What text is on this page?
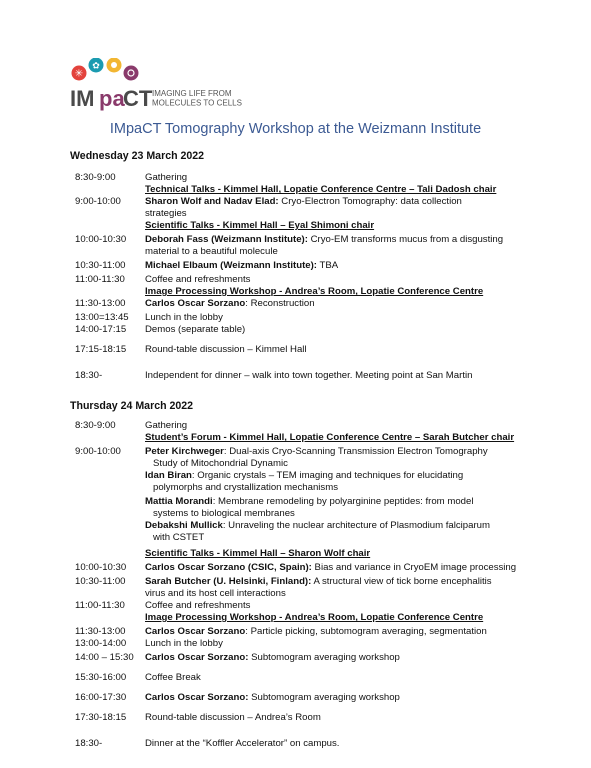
✳
✿
IM pa
CT IMAGING LIFE FROM
MOLECULES TO CELLS
IMpaCT Tomography Workshop at the Weizmann Institute
Wednesday 23 March 2022
8:30-9:00	Gathering
Technical Talks - Kimmel Hall, Lopatie Conference Centre – Tali Dadosh chair
9:00-10:00	Sharon Wolf and Nadav Elad: Cryo-Electron Tomography: data collection
strategies
Scientific Talks - Kimmel Hall – Eyal Shimoni chair
10:00-10:30 Deborah Fass (Weizmann Institute): Cryo-EM transforms mucus from a disgusting
material to a beautiful molecule
10:30-11:00 Michael Elbaum (Weizmann Institute): TBA
11:00-11:30 Coffee and refreshments
Image Processing Workshop - Andrea’s Room, Lopatie Conference Centre
11:30-13:00 Carlos Oscar Sorzano: Reconstruction
13:00=13:45 Lunch in the lobby
14:00-17:15 Demos (separate table)
17:15-18:15 Round-table discussion – Kimmel Hall
18:30-	Independent for dinner – walk into town together. Meeting point at San Martin
Thursday 24 March 2022
8:30-9:00	Gathering
Student’s Forum - Kimmel Hall, Lopatie Conference Centre – Sarah Butcher chair
9:00-10:00	Peter Kirchweger: Dual-axis Cryo-Scanning Transmission Electron Tomography
Study of Mitochondrial Dynamic
Idan Biran: Organic crystals – TEM imaging and techniques for elucidating
polymorphs and crystallization mechanisms
Mattia Morandi: Membrane remodeling by polyarginine peptides: from model
systems to biological membranes
Debakshi Mullick: Unraveling the nuclear architecture of Plasmodium falciparum
with CSTET
Scientific Talks - Kimmel Hall – Sharon Wolf chair
10:00-10:30 Carlos Oscar Sorzano (CSIC, Spain): Bias and variance in CryoEM image processing
10:30-11:00 Sarah Butcher (U. Helsinki, Finland): A structural view of tick borne encephalitis
virus and its host cell interactions
11:00-11:30 Coffee and refreshments
Image Processing Workshop - Andrea’s Room, Lopatie Conference Centre
11:30-13:00 Carlos Oscar Sorzano: Particle picking, subtomogram averaging, segmentation
13:00-14:00 Lunch in the lobby
14:00 – 15:30 Carlos Oscar Sorzano: Subtomogram averaging workshop
15:30-16:00 Coffee Break
16:00-17:30 Carlos Oscar Sorzano: Subtomogram averaging workshop
17:30-18:15 Round-table discussion – Andrea’s Room
18:30-	Dinner at the “Koffler Accelerator” on campus.
